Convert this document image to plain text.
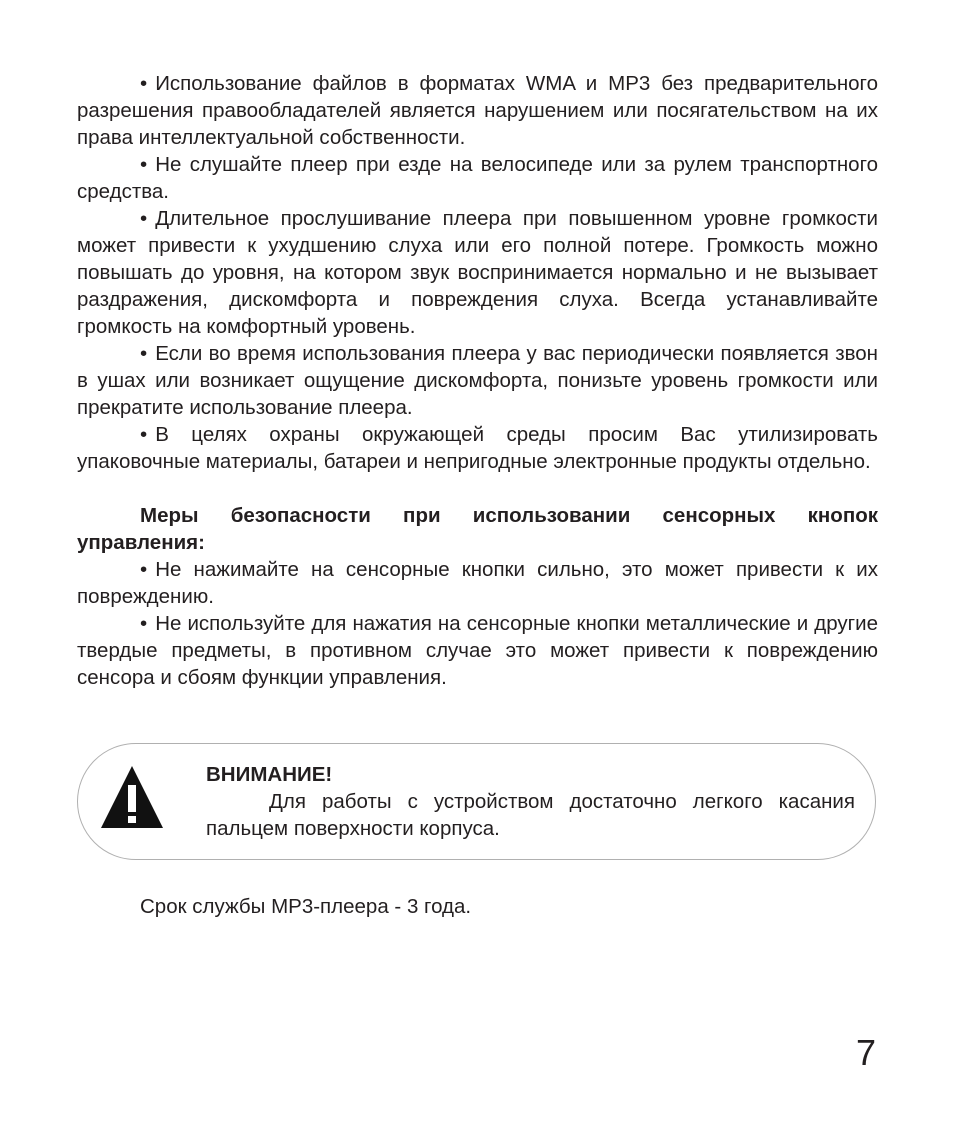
• Использование файлов в форматах WMA и MP3 без предварительного разрешения правообладателей является нарушением или посягательством на их права интеллектуальной собственности.

• Не слушайте плеер при езде на велосипеде или за рулем транспортного средства.

• Длительное прослушивание плеера при повышенном уровне громкости может привести к ухудшению слуха или его полной потере. Громкость можно повышать до уровня, на котором звук воспринимается нормально и не вызывает раздражения, дискомфорта и повреждения слуха. Всегда устанавливайте громкость на комфортный уровень.

• Если во время использования плеера у вас периодически появляется звон в ушах или возникает ощущение дискомфорта, понизьте уровень громкости или прекратите использование плеера.

• В целях охраны окружающей среды просим Вас утилизировать упаковочные материалы, батареи и непригодные электронные продукты отдельно.

Меры безопасности при использовании сенсорных кнопок управления:

• Не нажимайте на сенсорные кнопки сильно, это может привести к их повреждению.

• Не используйте для нажатия на сенсорные кнопки металлические и другие твердые предметы, в противном случае это может привести к повреждению сенсора и сбоям функции управления.

ВНИМАНИЕ!

Для работы с устройством достаточно легкого касания пальцем поверхности корпуса.

Срок службы MP3-плеера - 3 года.

7
